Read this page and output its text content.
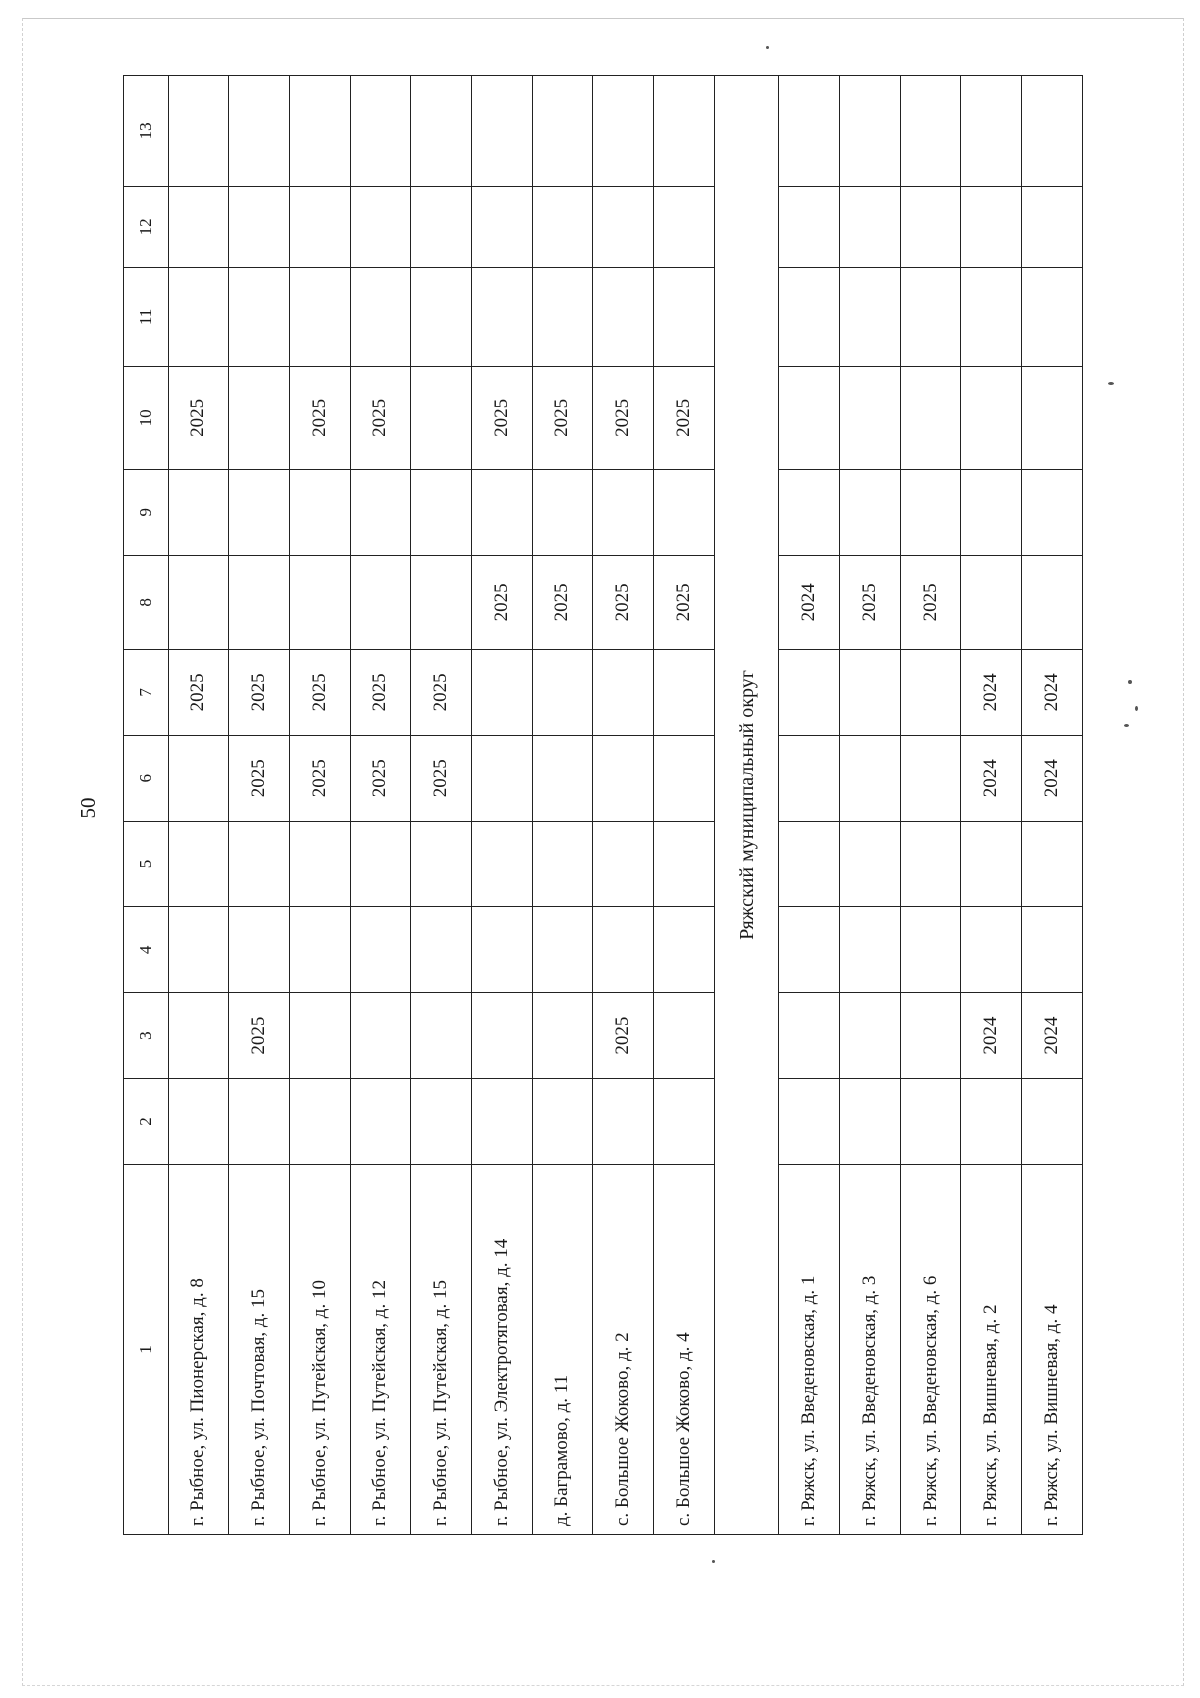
50
1	2	3	4	5	6	7	8	9	10	11	12	13
г. Рыбное, ул. Пионерская, д. 8						2025			2025			
г. Рыбное, ул. Почтовая, д. 15		2025			2025	2025						
г. Рыбное, ул. Путейская, д. 10					2025	2025			2025			
г. Рыбное, ул. Путейская, д. 12					2025	2025			2025			
г. Рыбное, ул. Путейская, д. 15					2025	2025						
г. Рыбное, ул. Электротяговая, д. 14							2025		2025			
д. Баграмово, д. 11							2025		2025			
с. Большое Жоково, д. 2		2025					2025		2025			
с. Большое Жоково, д. 4							2025		2025			
Ряжский муниципальный округ												
г. Ряжск, ул. Введеновская, д. 1							2024					
г. Ряжск, ул. Введеновская, д. 3							2025					
г. Ряжск, ул. Введеновская, д. 6							2025					
г. Ряжск, ул. Вишневая, д. 2		2024			2024	2024						
г. Ряжск, ул. Вишневая, д. 4		2024			2024	2024						
